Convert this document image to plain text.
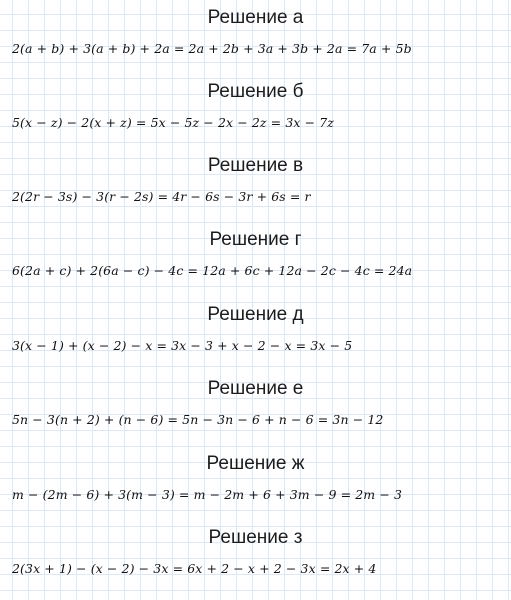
Решение а
2(a + b) + 3(a + b) + 2a = 2a + 2b + 3a + 3b + 2a = 7a + 5b
Решение б
5(x − z) − 2(x + z) = 5x − 5z − 2x − 2z = 3x − 7z
Решение в
2(2r − 3s) − 3(r − 2s) = 4r − 6s − 3r + 6s = r
Решение г
6(2a + c) + 2(6a − c) − 4c = 12a + 6c + 12a − 2c − 4c = 24a
Решение д
3(x − 1) + (x − 2) − x = 3x − 3 + x − 2 − x = 3x − 5
Решение е
5n − 3(n + 2) + (n − 6) = 5n − 3n − 6 + n − 6 = 3n − 12
Решение ж
m − (2m − 6) + 3(m − 3) = m − 2m + 6 + 3m − 9 = 2m − 3
Решение з
2(3x + 1) − (x − 2) − 3x = 6x + 2 − x + 2 − 3x = 2x + 4
